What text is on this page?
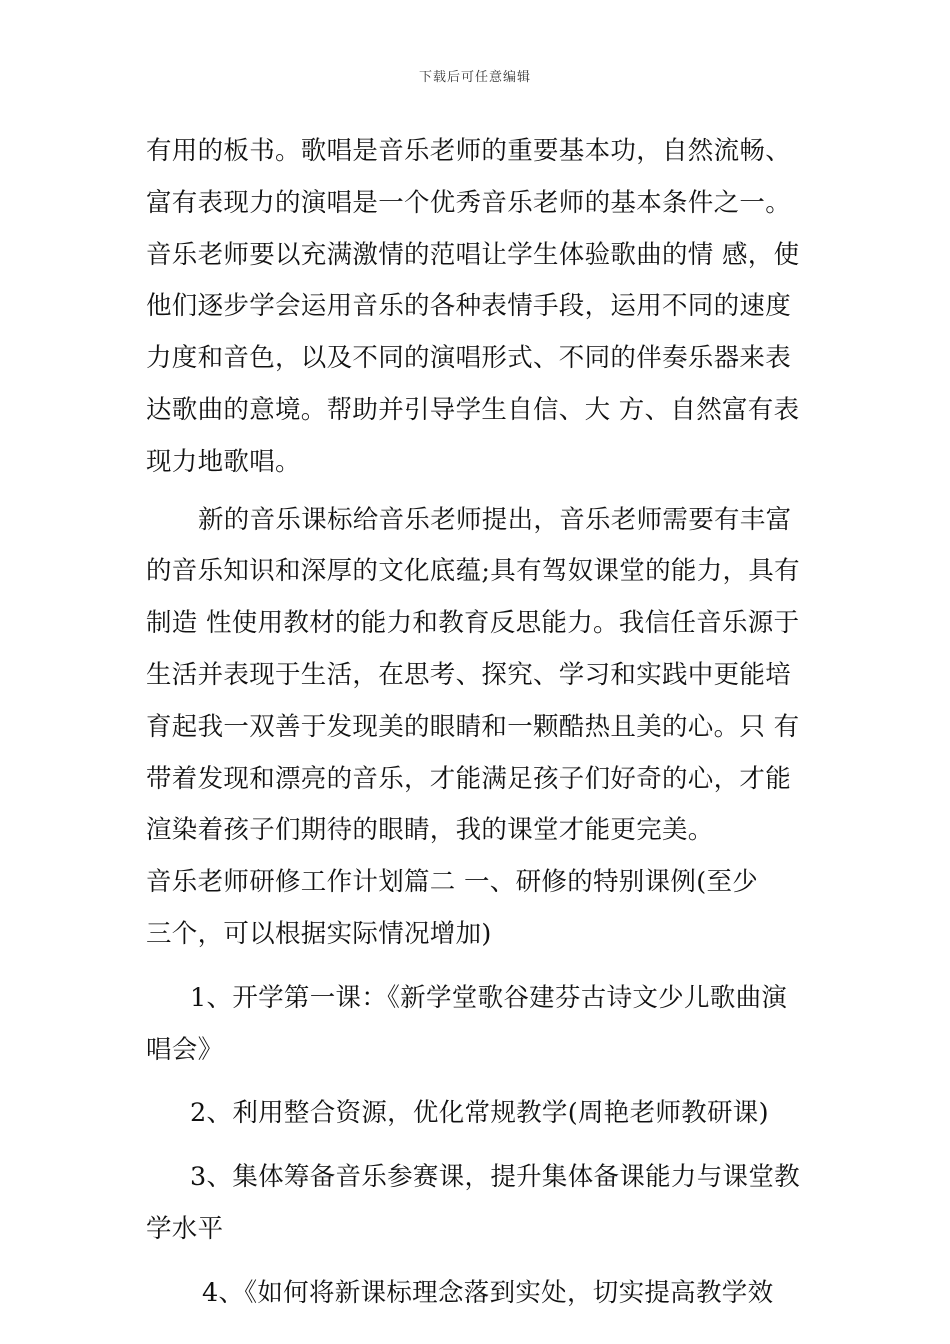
下载后可任意编辑
有用的板书。歌唱是音乐老师的重要基本功，自然流畅、
富有表现力的演唱是一个优秀音乐老师的基本条件之一。
音乐老师要以充满激情的范唱让学生体验歌曲的情 感，使
他们逐步学会运用音乐的各种表情手段，运用不同的速度
力度和音色，以及不同的演唱形式、不同的伴奏乐器来表
达歌曲的意境。帮助并引导学生自信、大 方、自然富有表
现力地歌唱。
新的音乐课标给音乐老师提出，音乐老师需要有丰富
的音乐知识和深厚的文化底蕴;具有驾奴课堂的能力，具有
制造 性使用教材的能力和教育反思能力。我信任音乐源于
生活并表现于生活，在思考、探究、学习和实践中更能培
育起我一双善于发现美的眼睛和一颗酷热且美的心。只 有
带着发现和漂亮的音乐，才能满足孩子们好奇的心，才能
渲染着孩子们期待的眼睛，我的课堂才能更完美。
音乐老师研修工作计划篇二 一、研修的特别课例(至少
三个，可以根据实际情况增加)
1、开学第一课：《新学堂歌谷建芬古诗文少儿歌曲演
唱会》
2、利用整合资源，优化常规教学(周艳老师教研课)
3、集体筹备音乐参赛课，提升集体备课能力与课堂教
学水平
4、《如何将新课标理念落到实处，切实提高教学效
